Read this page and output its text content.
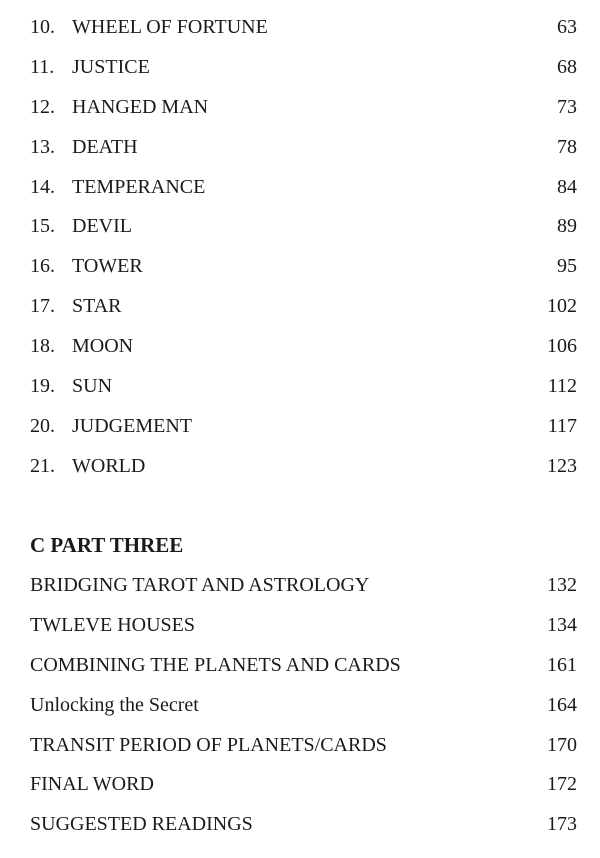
10. WHEEL OF FORTUNE	63
11. JUSTICE	68
12. HANGED MAN	73
13. DEATH	78
14. TEMPERANCE	84
15. DEVIL	89
16. TOWER	95
17. STAR	102
18. MOON	106
19. SUN	112
20. JUDGEMENT	117
21. WORLD	123
C PART THREE
BRIDGING TAROT AND ASTROLOGY	132
TWLEVE HOUSES	134
COMBINING THE PLANETS AND CARDS	161
Unlocking the Secret	164
TRANSIT PERIOD OF PLANETS/CARDS	170
FINAL WORD	172
SUGGESTED READINGS	173
